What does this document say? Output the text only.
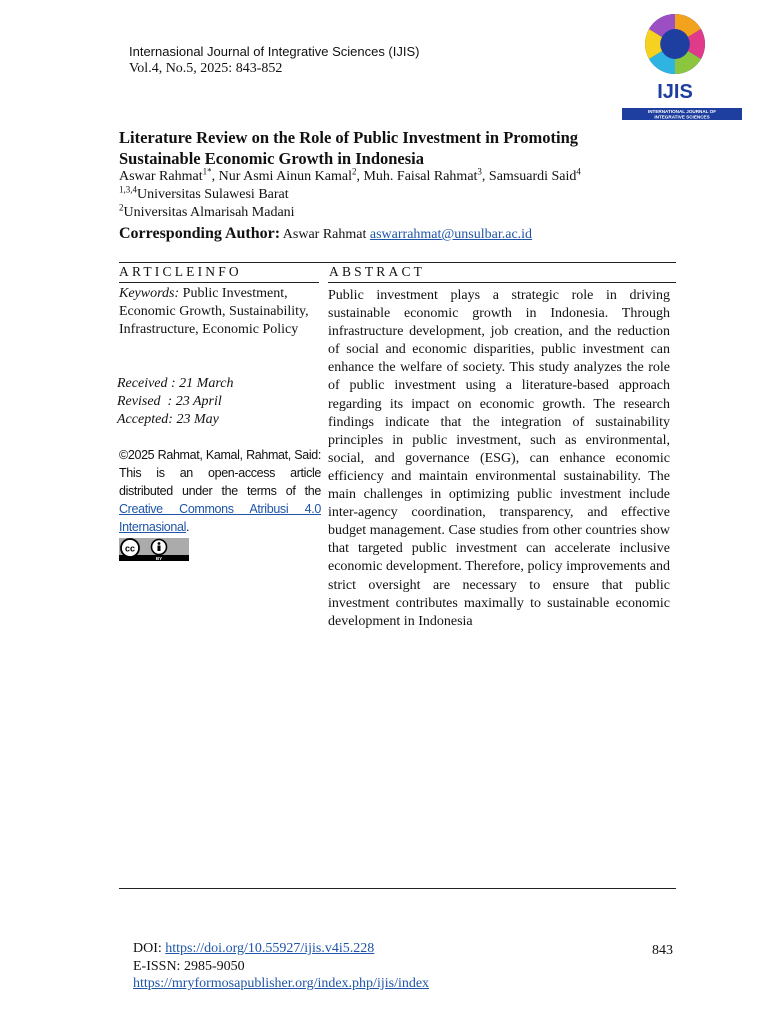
Internasional Journal of Integrative Sciences (IJIS)
Vol.4, No.5, 2025: 843-852
IJIS
INTERNATIONAL JOURNAL OF
INTEGRATIVE SCIENCES
Literature Review on the Role of Public Investment in Promoting
Sustainable Economic Growth in Indonesia
Aswar Rahmat$^{1*}$, Nur Asmi Ainun Kamal$^2$, Muh. Faisal Rahmat$^3$, Samsuardi Said$^4$
$^{1,3,4}$Universitas Sulawesi Barat
$^2$Universitas Almarisah Madani
Corresponding Author: Aswar Rahmat aswarrahmat@unsulbar.ac.id
ARTICLEINFO	ABSTRACT
Keywords: Public Investment, Economic Growth, Sustainability, Infrastructure, Economic Policy
Received : 21 March
Revised  : 23 April
Accepted: 23 May
©2025 Rahmat, Kamal, Rahmat, Said: This is an open-access article distributed under the terms of the Creative Commons Atribusi 4.0 Internasional.
cc
BY
Public investment plays a strategic role in driving sustainable economic growth in Indonesia. Through infrastructure development, job creation, and the reduction of social and economic disparities, public investment can enhance the welfare of society. This study analyzes the role of public investment using a literature-based approach regarding its impact on economic growth. The research findings indicate that the integration of sustainability principles in public investment, such as environmental, social, and governance (ESG), can enhance economic efficiency and maintain environmental sustainability. The main challenges in optimizing public investment include inter-agency coordination, transparency, and effective budget management. Case studies from other countries show that targeted public investment can accelerate inclusive economic development. Therefore, policy improvements and strict oversight are necessary to ensure that public investment contributes maximally to sustainable economic development in Indonesia
DOI: https://doi.org/10.55927/ijis.v4i5.228
E-ISSN: 2985-9050
https://mryformosapublisher.org/index.php/ijis/index
843
